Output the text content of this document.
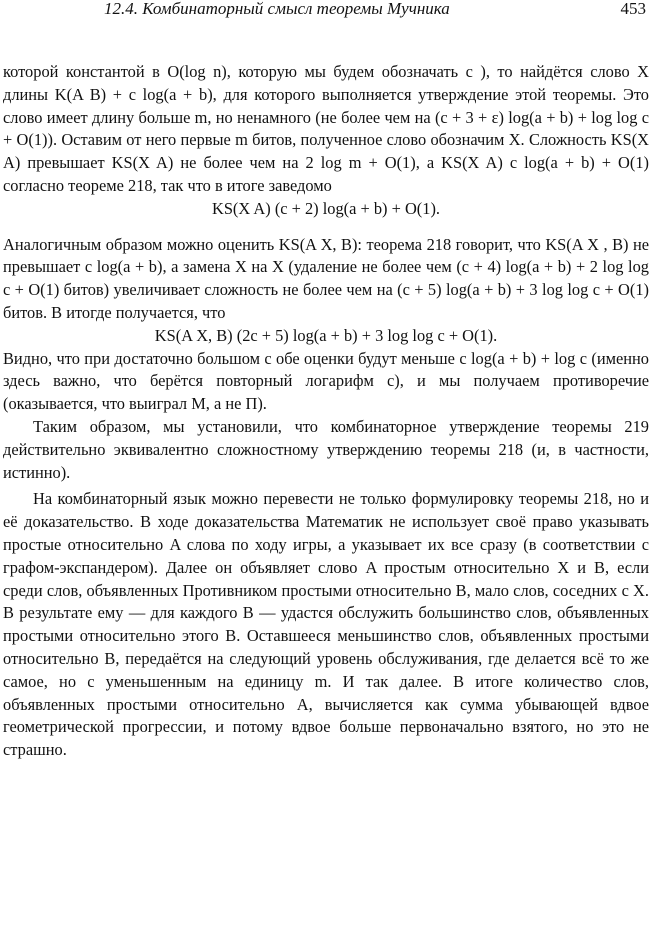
12.4. Комбинаторный смысл теоремы Мучника	453

которой константой в O(log n), которую мы будем обозначать c ), то найдётся слово X длины K(A B) + c log(a + b), для которого выполняется утверждение этой теоремы. Это слово имеет длину больше m, но ненамного (не более чем на (c + 3 + ε) log(a + b) + log log c + O(1)). Оставим от него первые m битов, полученное слово обозначим X. Сложность KS(X A) превышает KS(X A) не более чем на 2 log m + O(1), а KS(X A) c log(a + b) + O(1) согласно теореме 218, так что в итоге заведомо

KS(X A) (c + 2) log(a + b) + O(1).

Аналогичным образом можно оценить KS(A X, B): теорема 218 говорит, что KS(A X , B) не превышает c log(a + b), а замена X на X (удаление не более чем (c + 4) log(a + b) + 2 log log c + O(1) битов) увеличивает сложность не более чем на (c + 5) log(a + b) + 3 log log c + O(1) битов. В итогде получается, что

KS(A X, B) (2c + 5) log(a + b) + 3 log log c + O(1).

Видно, что при достаточно большом c обе оценки будут меньше c log(a + b) + log c (именно здесь важно, что берётся повторный логарифм c), и мы получаем противоречие (оказывается, что выиграл М, а не П).

Таким образом, мы установили, что комбинаторное утверждение теоремы 219 действительно эквивалентно сложностному утверждению теоремы 218 (и, в частности, истинно).

На комбинаторный язык можно перевести не только формулировку теоремы 218, но и её доказательство. В ходе доказательства Математик не использует своё право указывать простые относительно A слова по ходу игры, а указывает их все сразу (в соответствии с графом-экспандером). Далее он объявляет слово A простым относительно X и B, если среди слов, объявленных Противником простыми относительно B, мало слов, соседних с X. В результате ему — для каждого B — удастся обслужить большинство слов, объявленных простыми относительно этого B. Оставшееся меньшинство слов, объявленных простыми относительно B, передаётся на следующий уровень обслуживания, где делается всё то же самое, но с уменьшенным на единицу m. И так далее. В итоге количество слов, объявленных простыми относительно A, вычисляется как сумма убывающей вдвое геометрической прогрессии, и потому вдвое больше первоначально взятого, но это не страшно.
